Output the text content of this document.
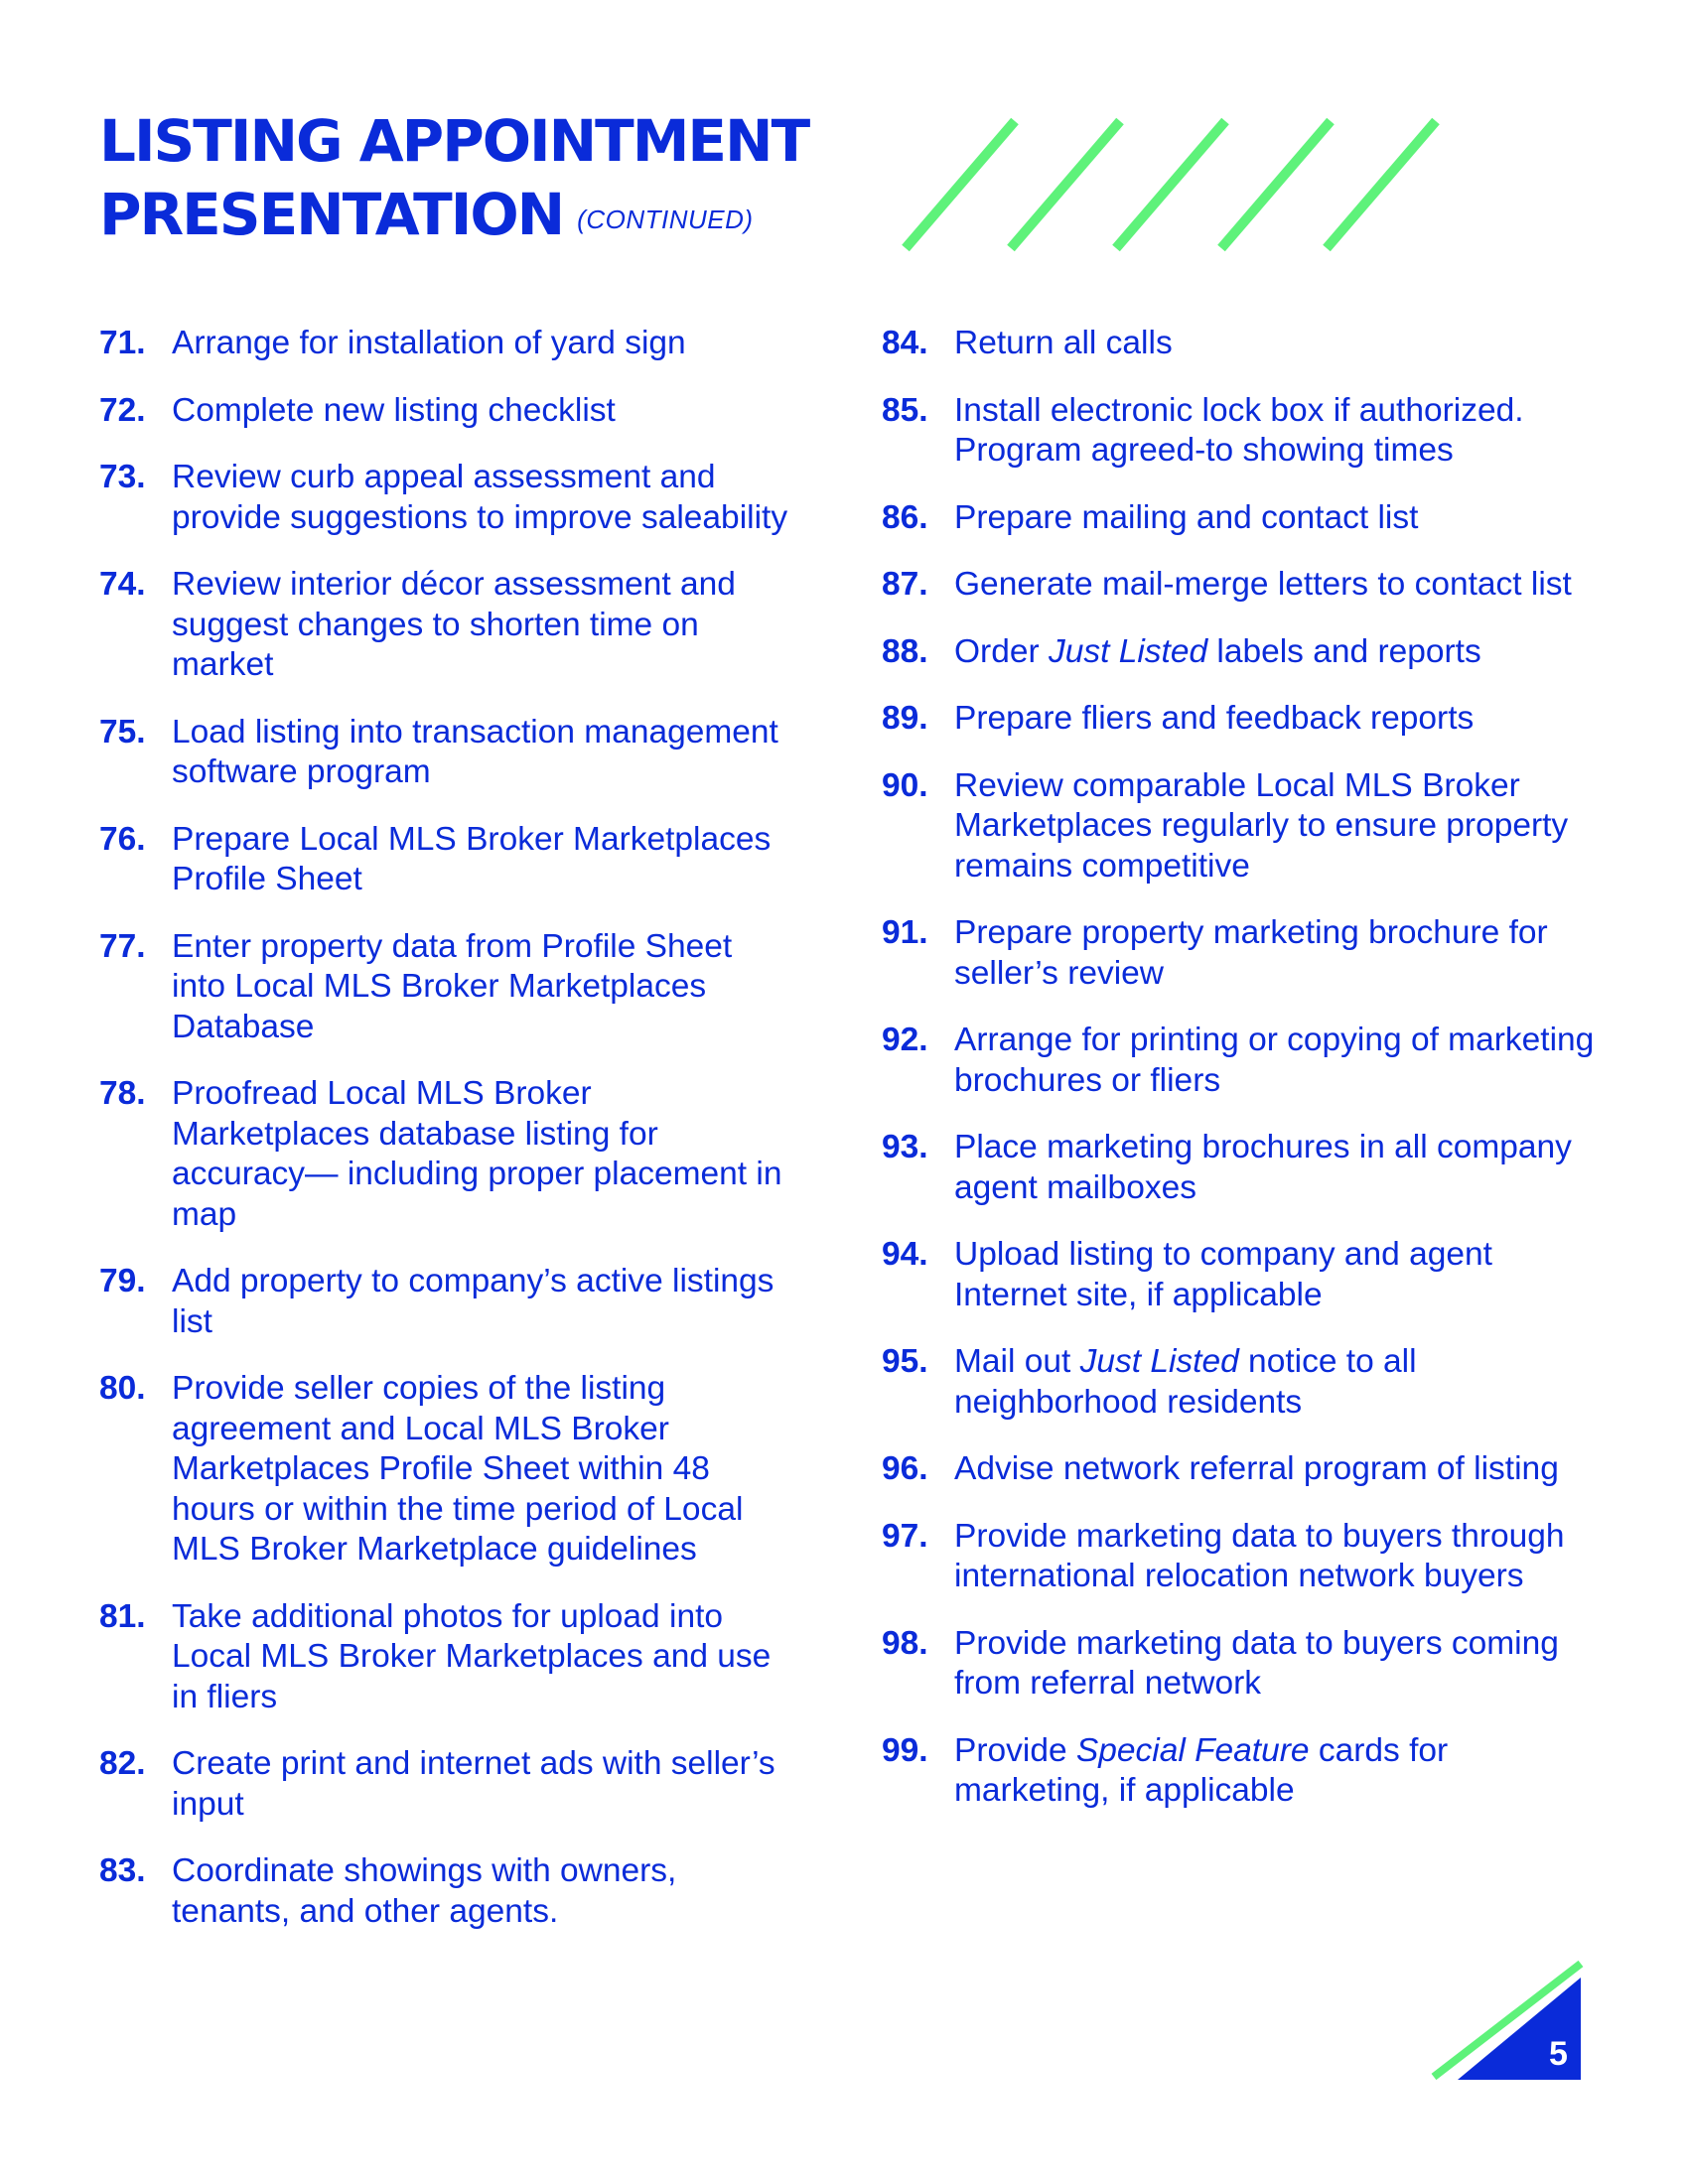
LISTING APPOINTMENT
PRESENTATION (CONTINUED)
71. Arrange for installation of yard sign
72. Complete new listing checklist
73. Review curb appeal assessment and provide suggestions to improve saleability
74. Review interior décor assessment and suggest changes to shorten time on market
75. Load listing into transaction management software program
76. Prepare Local MLS Broker Marketplaces Profile Sheet
77. Enter property data from Profile Sheet into Local MLS Broker Marketplaces Database
78. Proofread Local MLS Broker Marketplaces database listing for accuracy— including proper placement in map
79. Add property to company’s active listings list
80. Provide seller copies of the listing agreement and Local MLS Broker Marketplaces Profile Sheet within 48 hours or within the time period of Local MLS Broker Marketplace guidelines
81. Take additional photos for upload into Local MLS Broker Marketplaces and use in fliers
82. Create print and internet ads with seller’s input
83. Coordinate showings with owners, tenants, and other agents.
84. Return all calls
85. Install electronic lock box if authorized. Program agreed-to showing times
86. Prepare mailing and contact list
87. Generate mail-merge letters to contact list
88. Order Just Listed labels and reports
89. Prepare fliers and feedback reports
90. Review comparable Local MLS Broker Marketplaces regularly to ensure property remains competitive
91. Prepare property marketing brochure for seller’s review
92. Arrange for printing or copying of marketing brochures or fliers
93. Place marketing brochures in all company agent mailboxes
94. Upload listing to company and agent Internet site, if applicable
95. Mail out Just Listed notice to all neighborhood residents
96. Advise network referral program of listing
97. Provide marketing data to buyers through international relocation network buyers
98. Provide marketing data to buyers coming from referral network
99. Provide Special Feature cards for marketing, if applicable
5
